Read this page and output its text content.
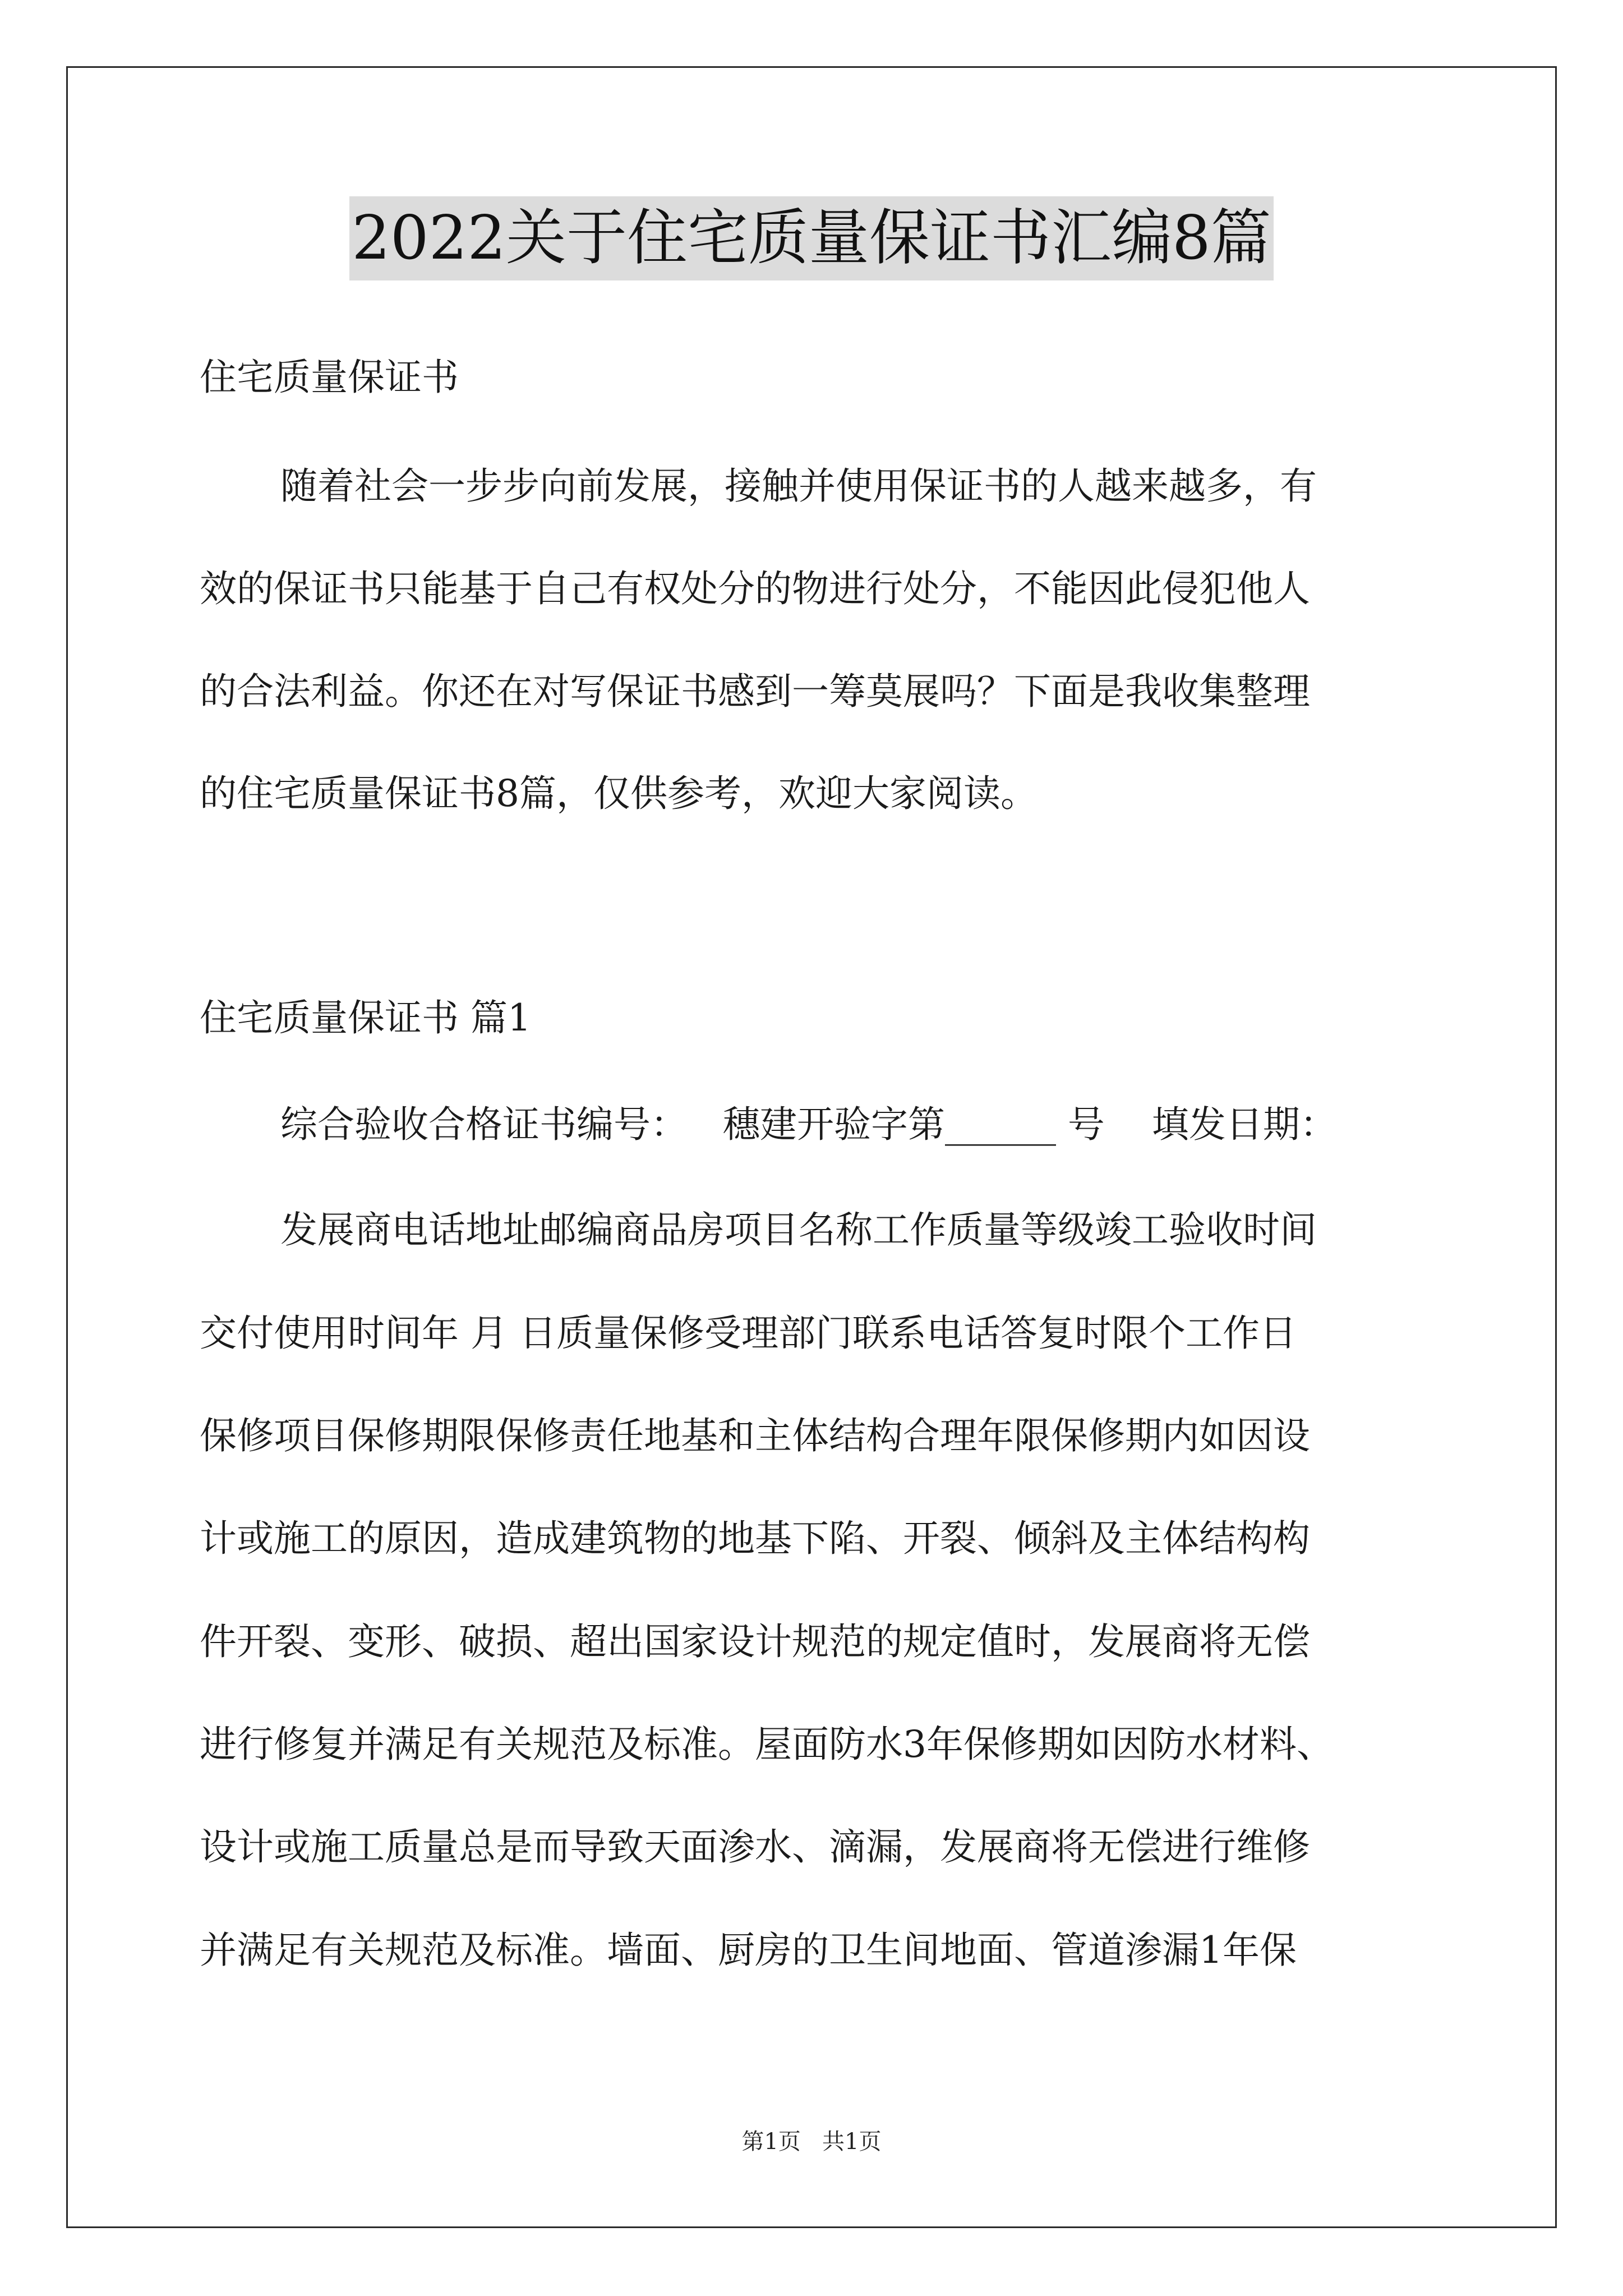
2022关于住宅质量保证书汇编8篇
住宅质量保证书
随着社会一步步向前发展，接触并使用保证书的人越来越多，有
效的保证书只能基于自己有权处分的物进行处分，不能因此侵犯他人
的合法利益。你还在对写保证书感到一筹莫展吗？下面是我收集整理
的住宅质量保证书8篇，仅供参考，欢迎大家阅读。
住宅质量保证书 篇1
综合验收合格证书编号：   穗建开验字第______ 号    填发日期：
发展商电话地址邮编商品房项目名称工作质量等级竣工验收时间
交付使用时间年 月 日质量保修受理部门联系电话答复时限个工作日
保修项目保修期限保修责任地基和主体结构合理年限保修期内如因设
计或施工的原因，造成建筑物的地基下陷、开裂、倾斜及主体结构构
件开裂、变形、破损、超出国家设计规范的规定值时，发展商将无偿
进行修复并满足有关规范及标准。屋面防水3年保修期如因防水材料、
设计或施工质量总是而导致天面渗水、滴漏，发展商将无偿进行维修
并满足有关规范及标准。墙面、厨房的卫生间地面、管道渗漏1年保
第1页   共1页
